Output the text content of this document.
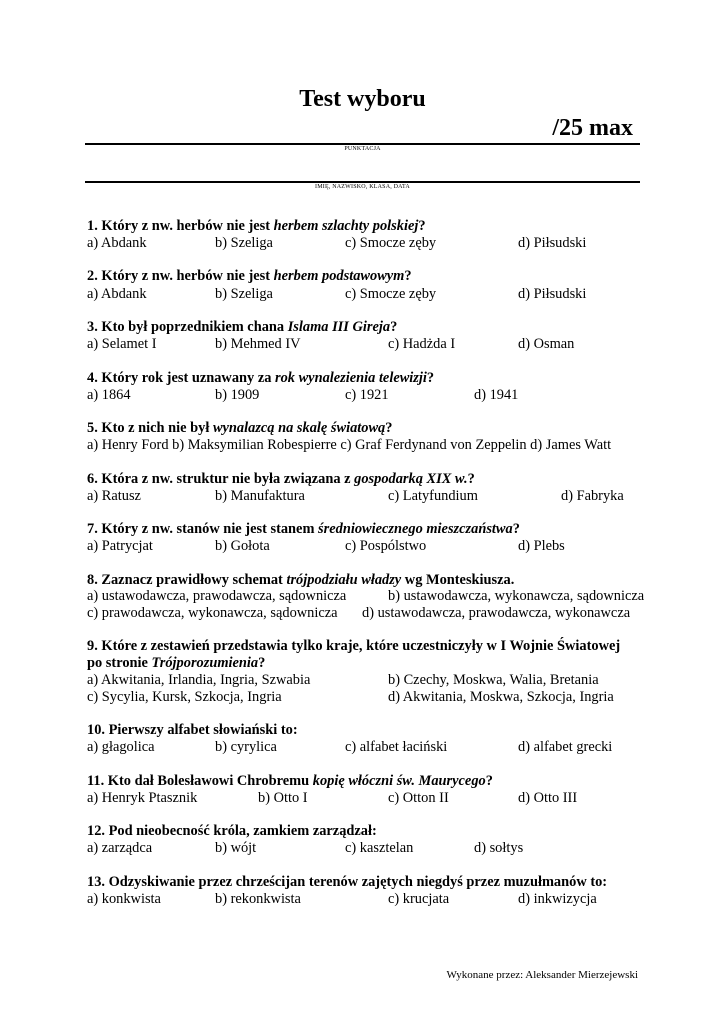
Test wyboru
/25 max
PUNKTACJA
IMIĘ, NAZWISKO, KLASA, DATA
1. Który z nw. herbów nie jest herbem szlachty polskiej?
a) Abdank	b) Szeliga	c) Smocze zęby	d) Piłsudski
2. Który z nw. herbów nie jest herbem podstawowym?
a) Abdank	b) Szeliga	c) Smocze zęby	d) Piłsudski
3. Kto był poprzednikiem chana Islama III Gireja?
a) Selamet I	b) Mehmed IV	c) Hadżda I	d) Osman
4. Który rok jest uznawany za rok wynalezienia telewizji?
a) 1864	b) 1909	c) 1921	d) 1941
5. Kto z nich nie był wynalazcą na skalę światową?
a) Henry Ford b) Maksymilian Robespierre c) Graf Ferdynand von Zeppelin d) James Watt
6. Która z nw. struktur nie była związana z gospodarką XIX w.?
a) Ratusz	b) Manufaktura	c) Latyfundium	d) Fabryka
7. Który z nw. stanów nie jest stanem średniowiecznego mieszczaństwa?
a) Patrycjat	b) Gołota	c) Pospólstwo	d) Plebs
8. Zaznacz prawidłowy schemat trójpodziału władzy wg Monteskiusza.
a) ustawodawcza, prawodawcza, sądownicza	b) ustawodawcza, wykonawcza, sądownicza
c) prawodawcza, wykonawcza, sądownicza d) ustawodawcza, prawodawcza, wykonawcza
9. Które z zestawień przedstawia tylko kraje, które uczestniczyły w I Wojnie Światowej
po stronie Trójporozumienia?
a) Akwitania, Irlandia, Ingria, Szwabia	b) Czechy, Moskwa, Walia, Bretania
c) Sycylia, Kursk, Szkocja, Ingria	d) Akwitania, Moskwa, Szkocja, Ingria
10. Pierwszy alfabet słowiański to:
a) głagolica	b) cyrylica	c) alfabet łaciński	d) alfabet grecki
11. Kto dał Bolesławowi Chrobremu kopię włóczni św. Maurycego?
a) Henryk Ptasznik	b) Otto I	c) Otton II	d) Otto III
12. Pod nieobecność króla, zamkiem zarządzał:
a) zarządca	b) wójt	c) kasztelan	d) sołtys
13. Odzyskiwanie przez chrześcijan terenów zajętych niegdyś przez muzułmanów to:
a) konkwista	b) rekonkwista	c) krucjata	d) inkwizycja
Wykonane przez: Aleksander Mierzejewski
